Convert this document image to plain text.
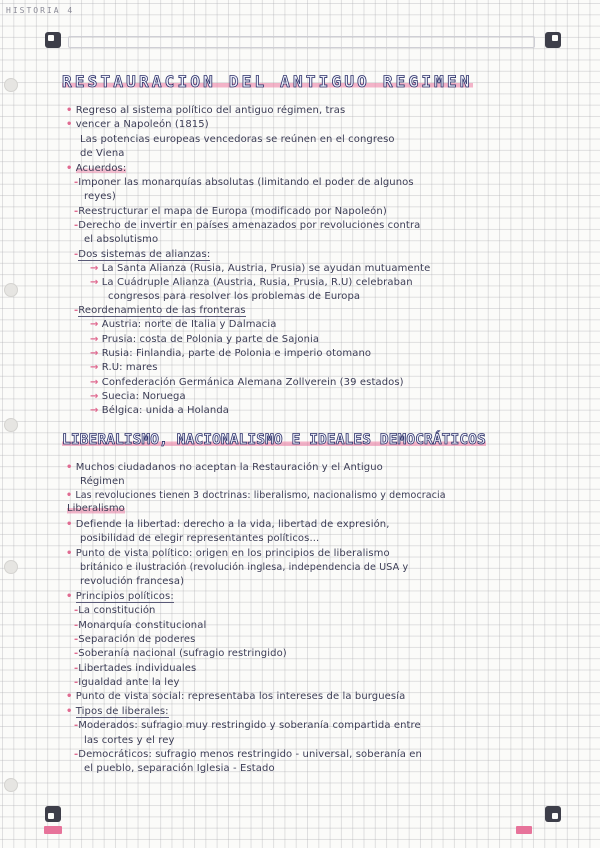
HISTORIA 4
RESTAURACION DEL ANTIGUO REGIMEN
• Regreso al sistema político del antiguo régimen, tras
• vencer a Napoleón (1815)
Las potencias europeas vencedoras se reúnen en el congreso
de Viena
• Acuerdos:
-Imponer las monarquías absolutas (limitando el poder de algunos
reyes)
-Reestructurar el mapa de Europa (modificado por Napoleón)
-Derecho de invertir en países amenazados por revoluciones contra
el absolutismo
-Dos sistemas de alianzas:
→ La Santa Alianza (Rusia, Austria, Prusia) se ayudan mutuamente
→ La Cuádruple Alianza (Austria, Rusia, Prusia, R.U) celebraban
congresos para resolver los problemas de Europa
-Reordenamiento de las fronteras
→ Austria: norte de Italia y Dalmacia
→ Prusia: costa de Polonia y parte de Sajonia
→ Rusia: Finlandia, parte de Polonia e imperio otomano
→ R.U: mares
→ Confederación Germánica Alemana Zollverein (39 estados)
→ Suecia: Noruega
→ Bélgica: unida a Holanda
LIBERALISMO, NACIONALISMO E IDEALES DEMOCRÁTICOS
• Muchos ciudadanos no aceptan la Restauración y el Antiguo
Régimen
• Las revoluciones tienen 3 doctrinas: liberalismo, nacionalismo y democracia
Liberalismo
• Defiende la libertad: derecho a la vida, libertad de expresión,
posibilidad de elegir representantes políticos...
• Punto de vista político: origen en los principios de liberalismo
británico e ilustración (revolución inglesa, independencia de USA y
revolución francesa)
• Principios políticos:
-La constitución
-Monarquía constitucional
-Separación de poderes
-Soberanía nacional (sufragio restringido)
-Libertades individuales
-Igualdad ante la ley
• Punto de vista social: representaba los intereses de la burguesía
• Tipos de liberales:
-Moderados: sufragio muy restringido y soberanía compartida entre
las cortes y el rey
-Democráticos: sufragio menos restringido - universal, soberanía en
el pueblo, separación Iglesia - Estado
